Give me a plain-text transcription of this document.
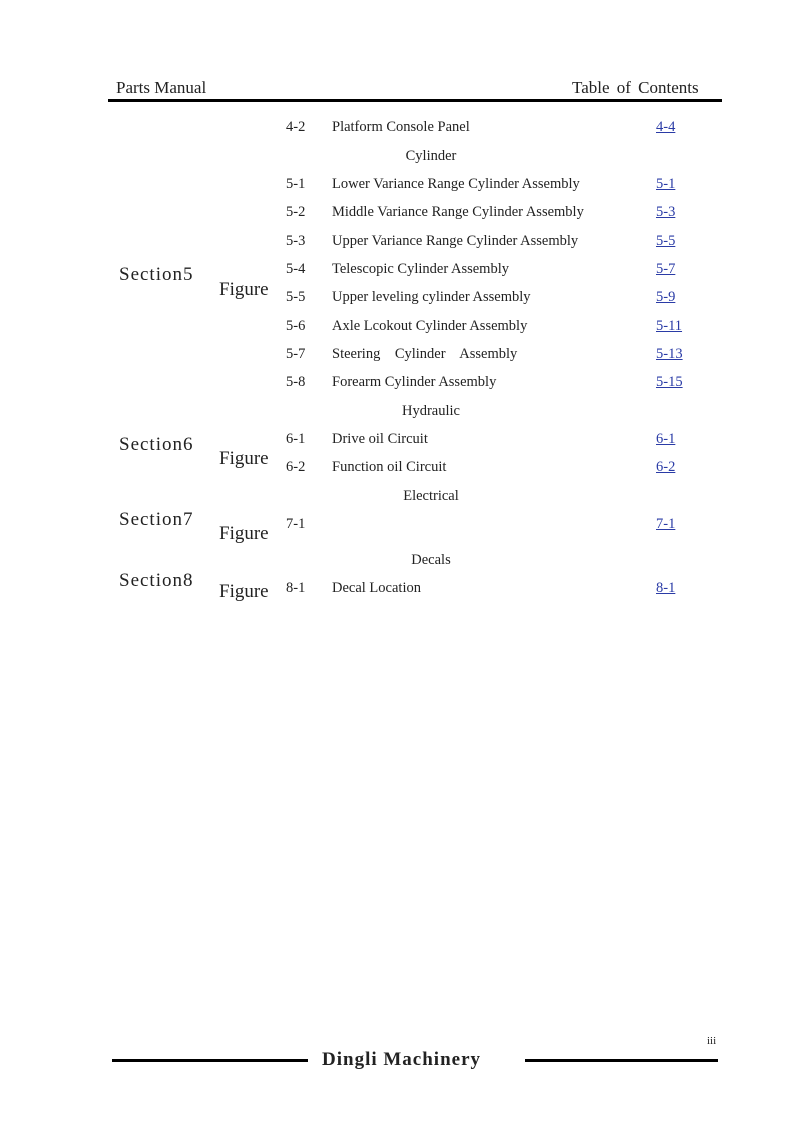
Parts Manual	Table of Contents
4-2 Platform Console Panel	4-4
Cylinder
5-1 Lower Variance Range Cylinder Assembly	5-1
5-2 Middle Variance Range Cylinder Assembly	5-3
5-3 Upper Variance Range Cylinder Assembly	5-5
5-4 Telescopic Cylinder Assembly	5-7
5-5 Upper leveling cylinder Assembly	5-9
5-6 Axle Lcokout Cylinder Assembly	5-11
5-7 Steering    Cylinder    Assembly	5-13
5-8 Forearm Cylinder Assembly	5-15
Hydraulic
6-1 Drive oil Circuit	6-1
6-2 Function oil Circuit	6-2
Electrical
7-1	7-1
Decals
8-1 Decal Location	8-1
Section5
Figure
Section6
Figure
Section7
Figure
Section8
Figure
iii
Dingli Machinery
